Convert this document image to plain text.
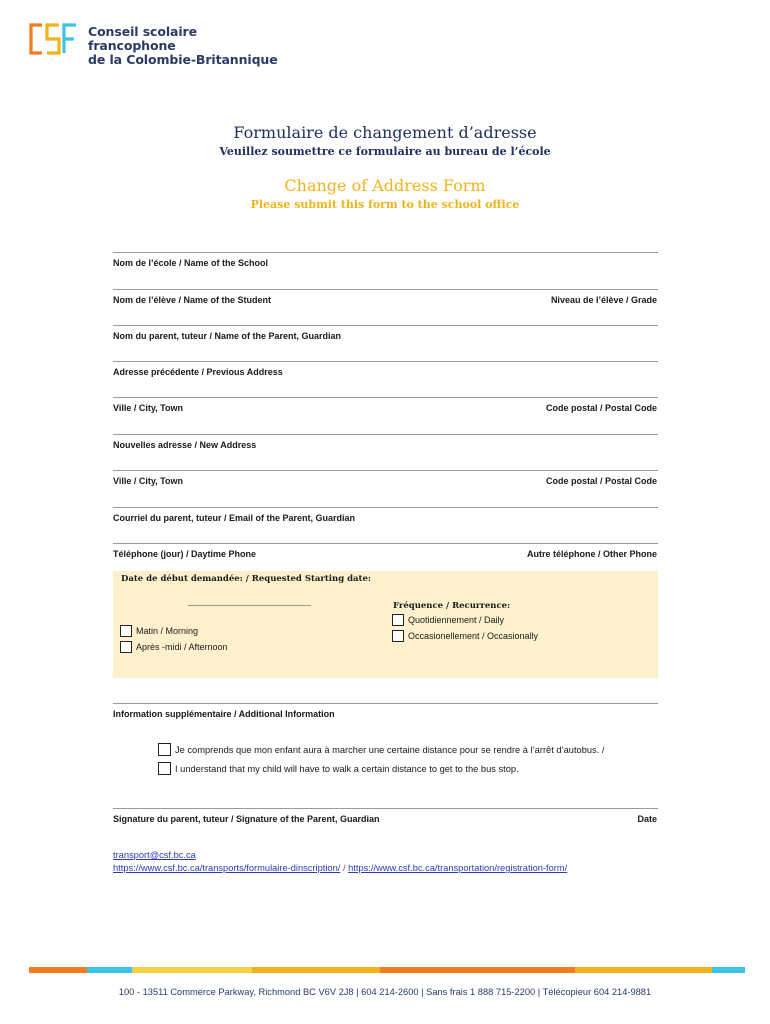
Conseil scolaire francophone
de la Colombie-Britannique
Formulaire de changement d’adresse
Veuillez soumettre ce formulaire au bureau de l’école
Change of Address Form
Please submit this form to the school office
Nom de l’école / Name of the School
Nom de l’élève / Name of the Student	Niveau de l’élève / Grade
Nom du parent, tuteur / Name of the Parent, Guardian
Adresse précédente / Previous Address
Ville / City, Town	Code postal / Postal Code
Nouvelles adresse / New Address
Ville / City, Town	Code postal / Postal Code
Courriel du parent, tuteur / Email of the Parent, Guardian
Téléphone (jour) / Daytime Phone	Autre téléphone / Other Phone
Date de début demandée: / Requested Starting date:
Matin / Morning
Après -midi / Afternoon
Fréquence / Recurrence:
Quotidiennement / Daily
Occasionellement / Occasionally
Information supplémentaire / Additional Information
Je comprends que mon enfant aura à marcher une certaine distance pour se rendre à l’arrêt d’autobus. /
I understand that my child will have to walk a certain distance to get to the bus stop.
Signature du parent, tuteur / Signature of the Parent, Guardian	Date
transport@csf.bc.ca
https://www.csf.bc.ca/transports/formulaire-dinscription/ / https://www.csf.bc.ca/transportation/registration-form/
100 - 13511 Commerce Parkway, Richmond BC V6V 2J8 | 604 214-2600 | Sans frais 1 888 715-2200 | Télécopieur 604 214-9881
